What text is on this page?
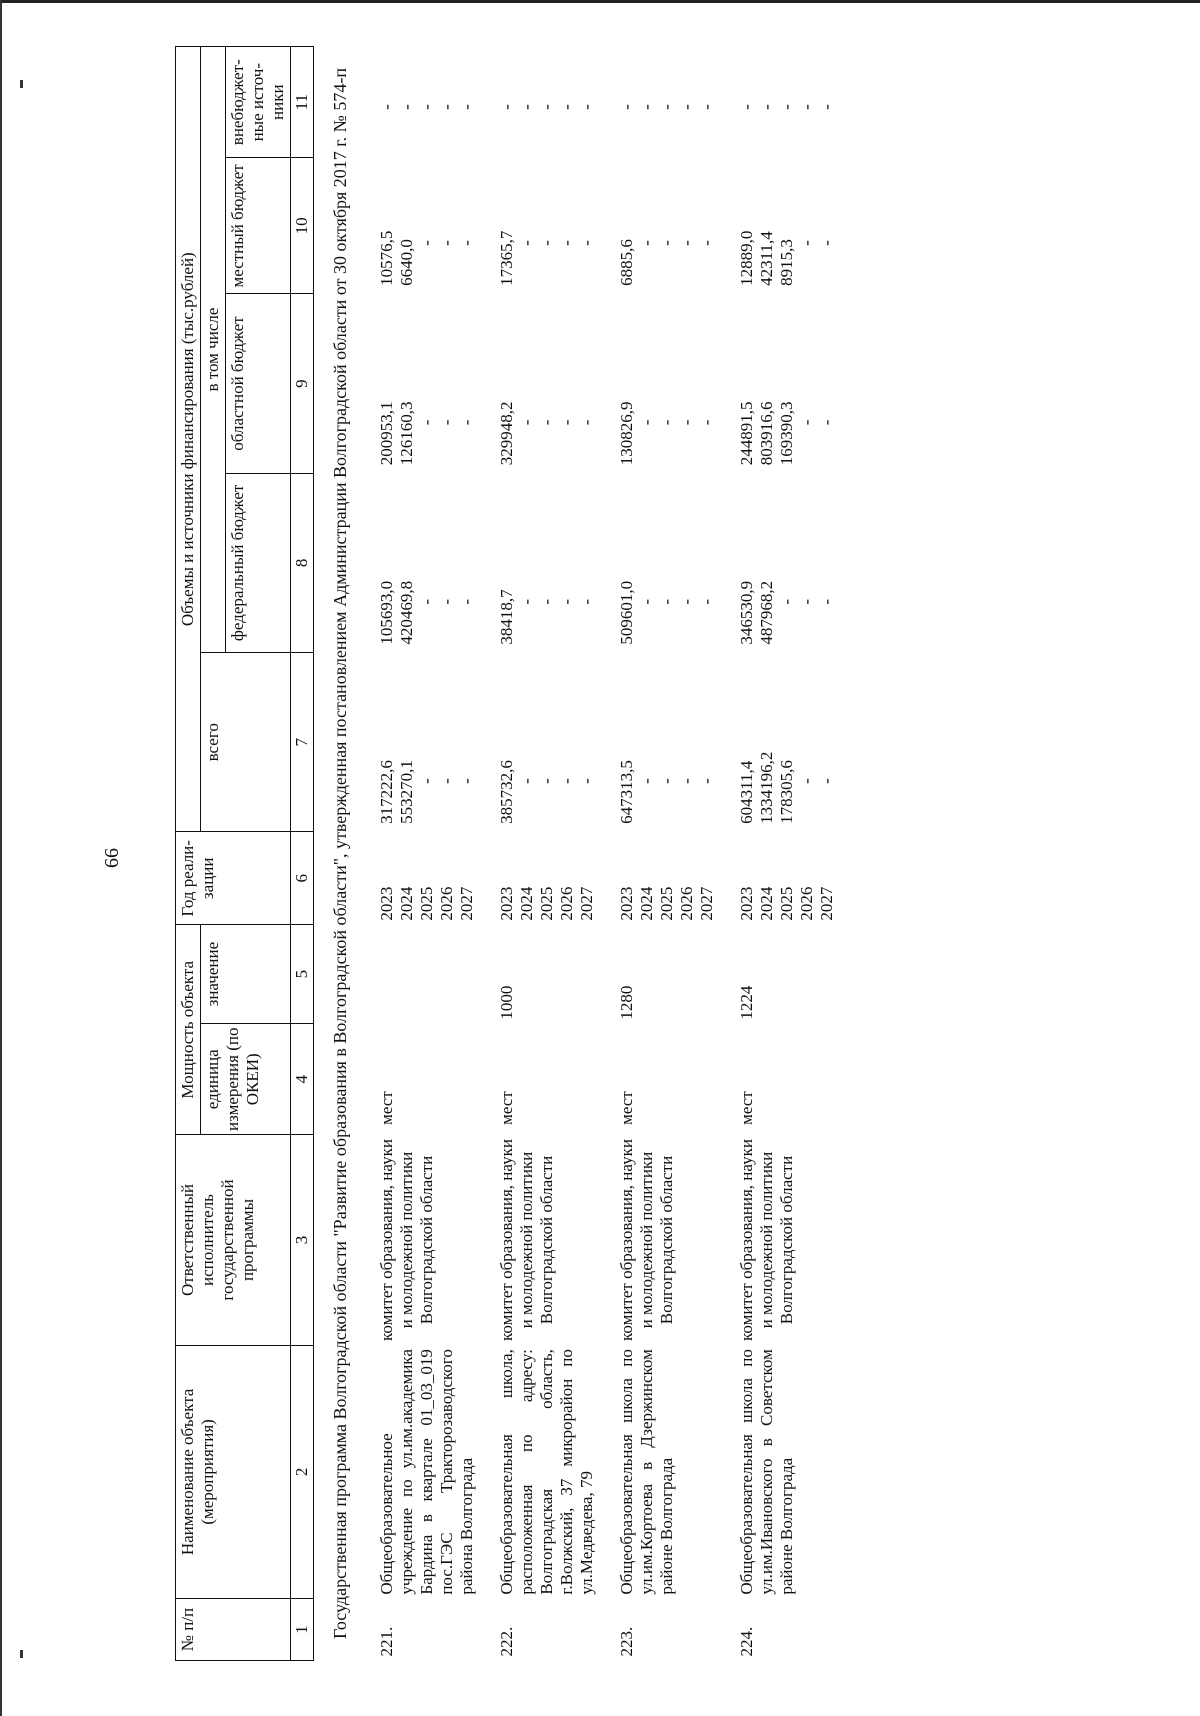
66
№ п/п	Наименование объекта (мероприятия)	Ответственный исполнитель государственной программы	Мощность объекта		Год реали-зации	Объемы и источники финансирования (тыс.рублей)				
			единица измерения (по ОКЕИ)	значение		всего	в том числе			
							федеральный бюджет	областной бюджет	местный бюджет	внебюджет-ные источ-ники
1	2	3	4	5	6	7	8	9	10	11
Государственная программа Волгоградской области "Развитие образования в Волгоградской области", утвержденная постановлением Администрации Волгоградской области от 30 октября 2017 г. № 574-п										
221.	Общеобразовательное учреждение по ул.им.академика Бардина в квартале 01_03_019 пос.ГЭС Тракторозаводского района Волгограда	комитет образования, науки и молодежной политики Волгоградской области	мест		2023 2024 2025 2026 2027	317222,6 553270,1 - - -	105693,0 420469,8 - - -	200953,1 126160,3 - - -	10576,5 6640,0 - - -	- - - - -

222.	Общеобразовательная школа, расположенная по адресу: Волгоградская область, г.Волжский, 37 микрорайон по ул.Медведева, 79	комитет образования, науки и молодежной политики Волгоградской области	мест	1000	2023 2024 2025 2026 2027	385732,6 - - - -	38418,7 - - - -	329948,2 - - - -	17365,7 - - - -	- - - - -

223.	Общеобразовательная школа по ул.им.Кортоева в Дзержинском районе Волгограда	комитет образования, науки и молодежной политики Волгоградской области	мест	1280	2023 2024 2025 2026 2027	647313,5 - - - -	509601,0 - - - -	130826,9 - - - -	6885,6 - - - -	- - - - -

224.	Общеобразовательная школа по ул.им.Ивановского в Советском районе Волгограда	комитет образования, науки и молодежной политики Волгоградской области	мест	1224	2023 2024 2025 2026 2027	604311,4 1334196,2 178305,6 - -	346530,9 487968,2 - - -	244891,5 803916,6 169390,3 - -	12889,0 42311,4 8915,3 - -	- - - - -
